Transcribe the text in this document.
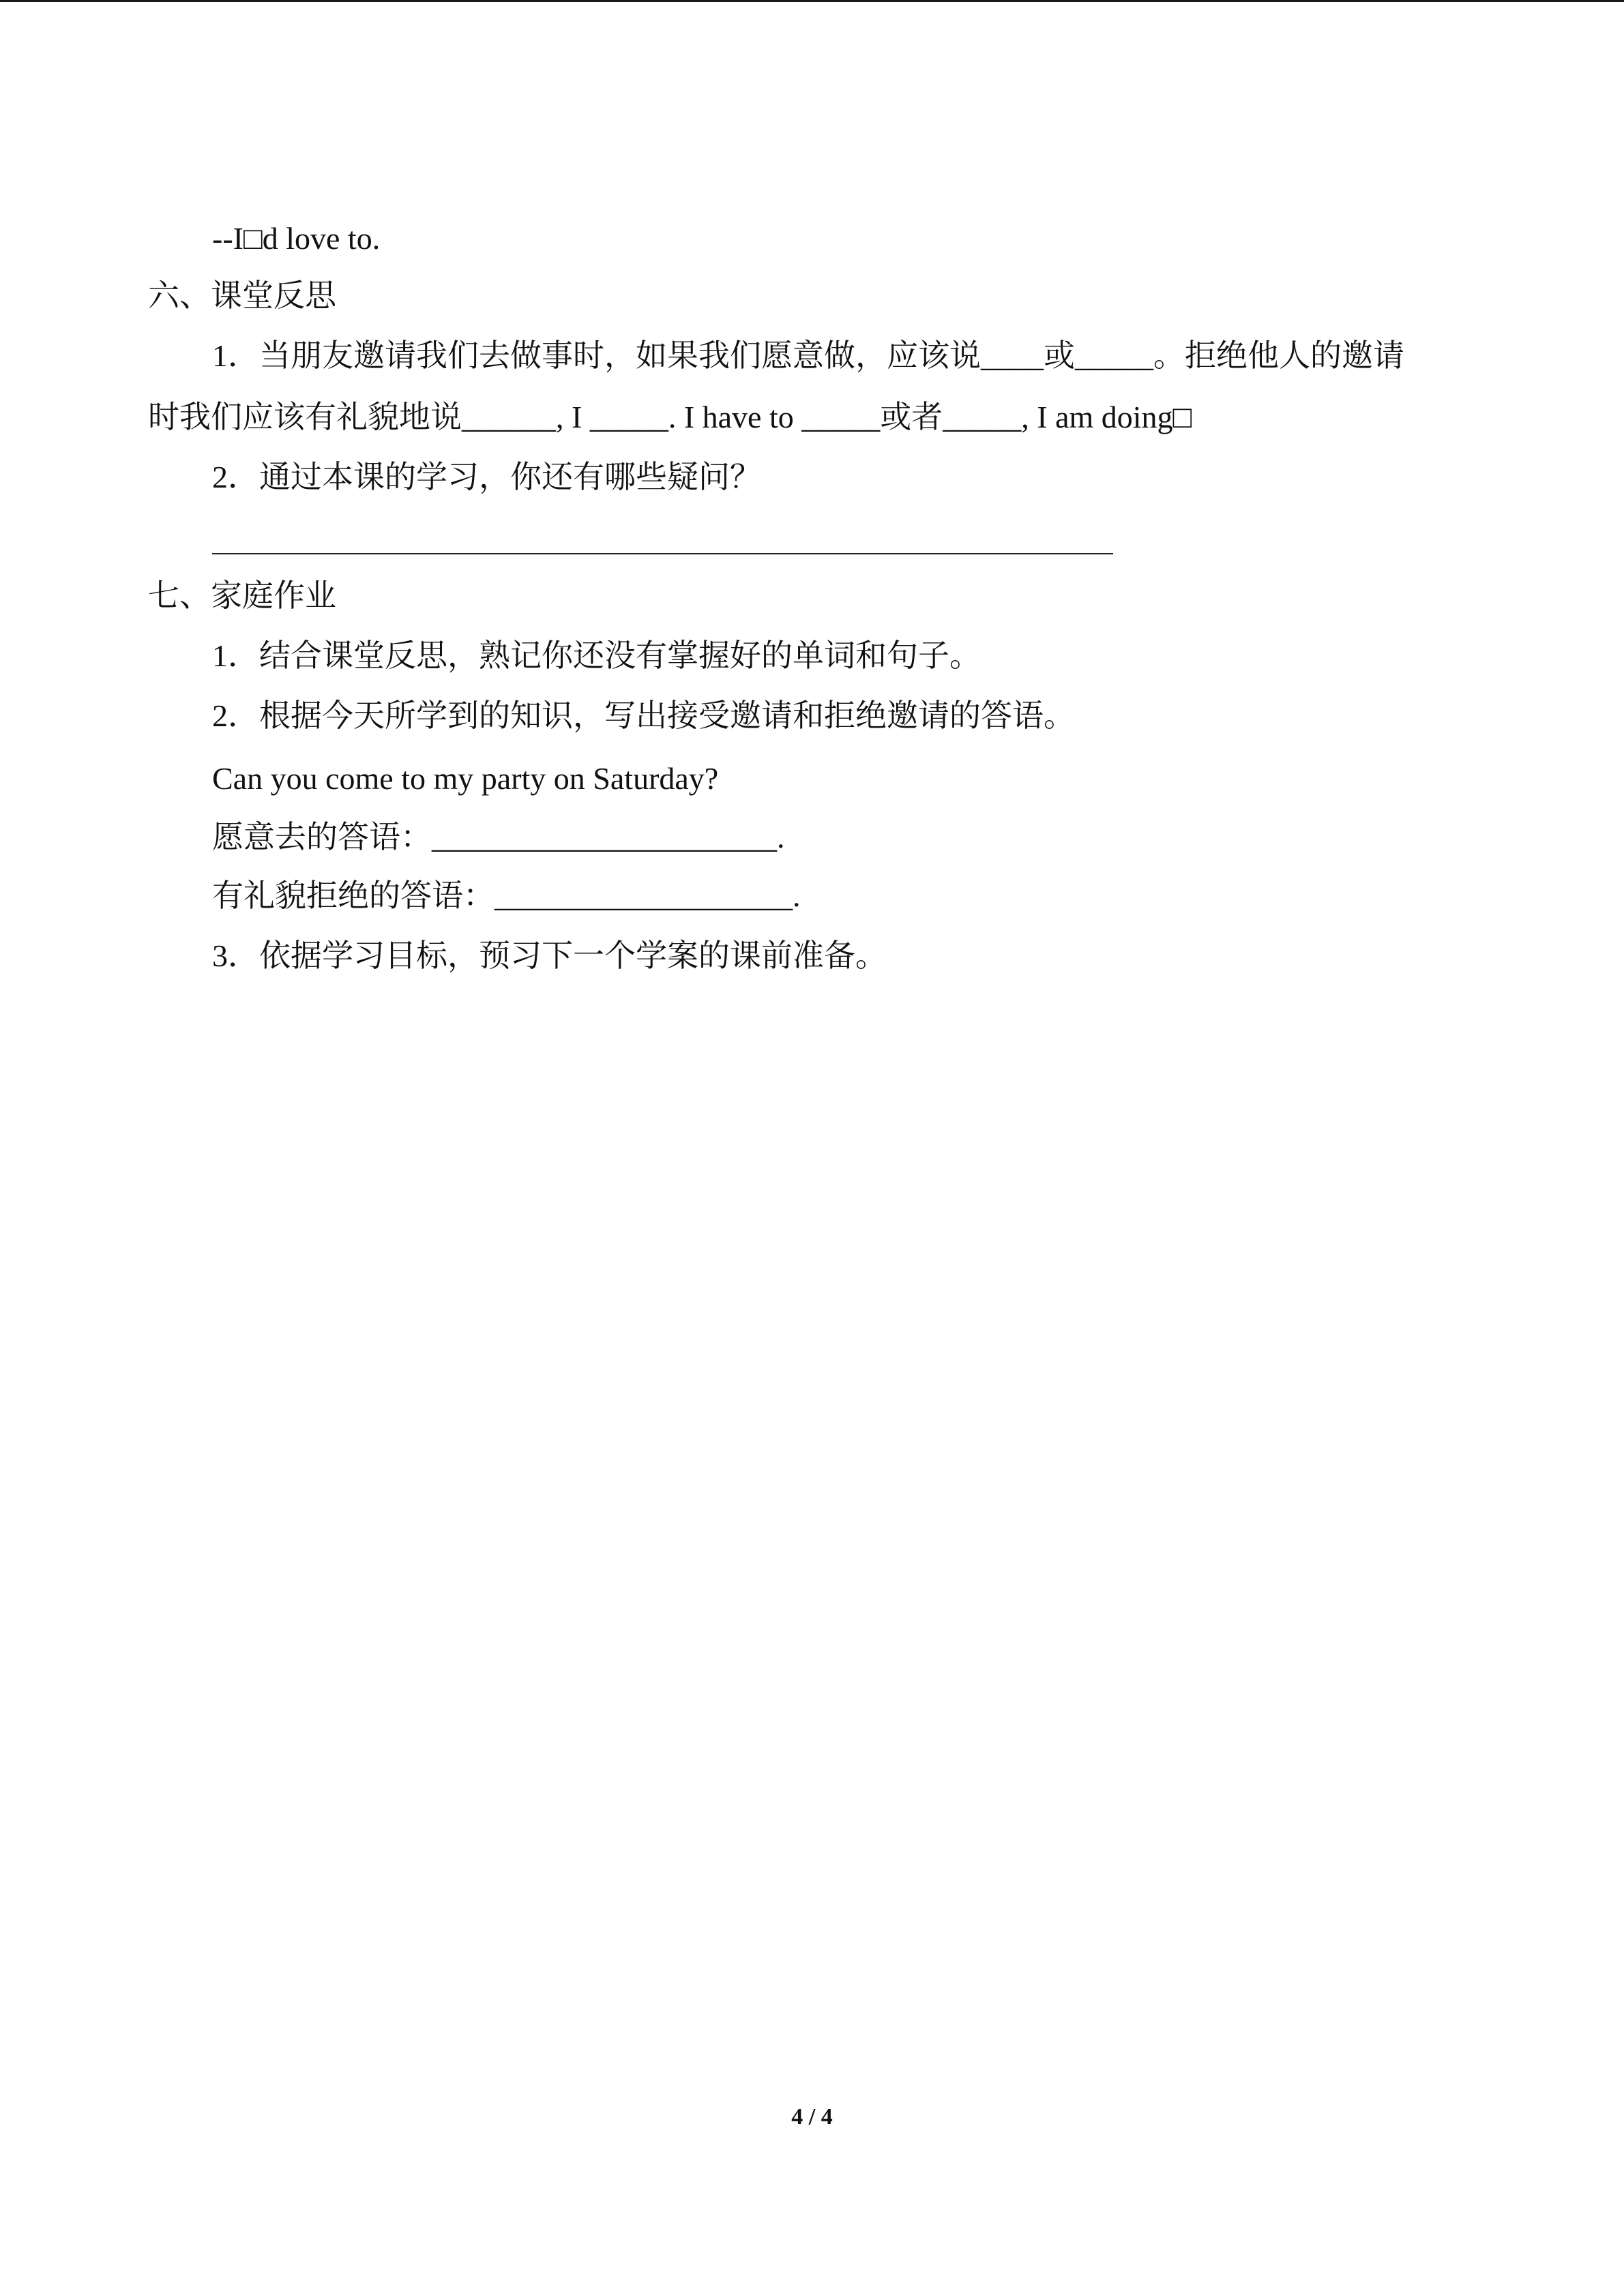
--I□d love to.
六、课堂反思
1．当朋友邀请我们去做事时，如果我们愿意做，应该说____或_____。拒绝他人的邀请
时我们应该有礼貌地说______, I _____. I have to _____或者_____, I am doing□
2．通过本课的学习，你还有哪些疑问？
七、家庭作业
1．结合课堂反思，熟记你还没有掌握好的单词和句子。
2．根据今天所学到的知识，写出接受邀请和拒绝邀请的答语。
Can you come to my party on Saturday?
愿意去的答语：______________________.
有礼貌拒绝的答语：___________________.
3．依据学习目标，预习下一个学案的课前准备。
4 / 4
